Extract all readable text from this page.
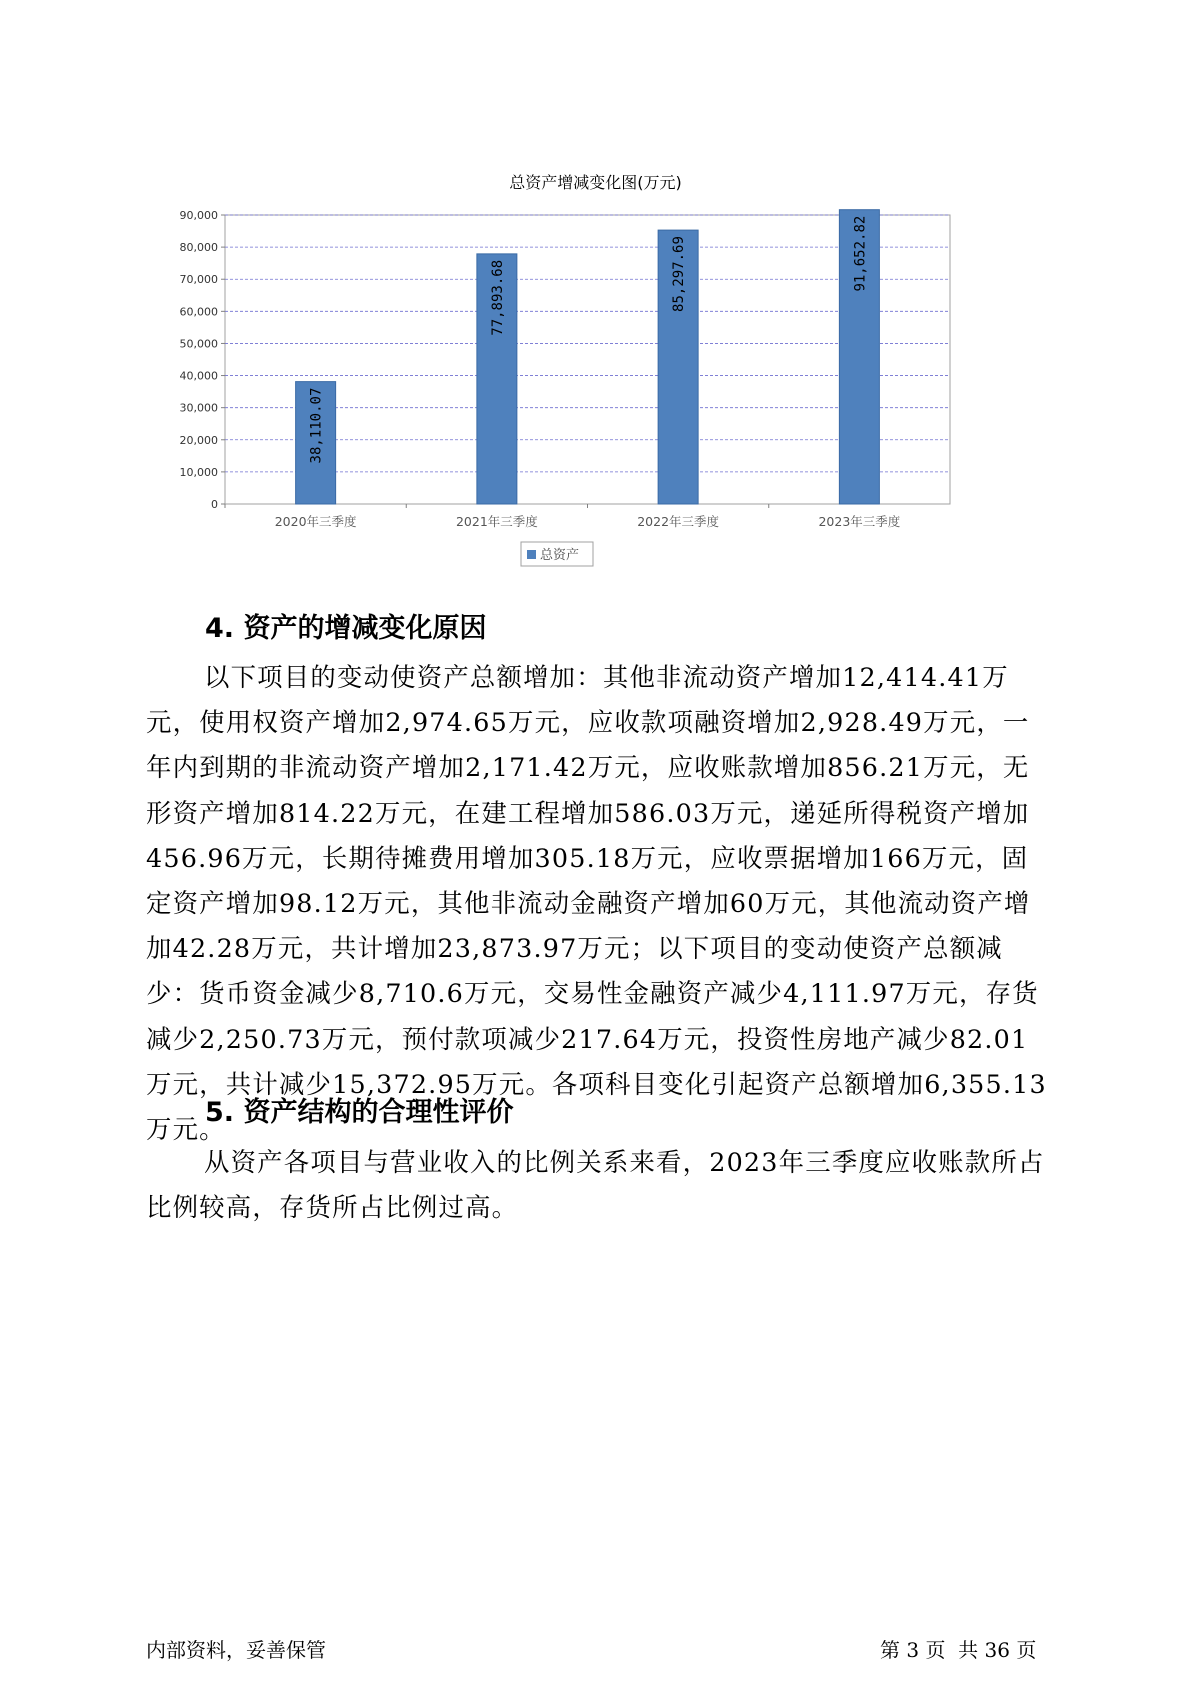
总资产增减变化图(万元)
0
10,000
20,000
30,000
40,000
50,000
60,000
70,000
80,000
90,000
38,110.07
2020年三季度
77,893.68
2021年三季度
85,297.69
2022年三季度
91,652.82
2023年三季度
总资产
4. 资产的增减变化原因
以下项目的变动使资产总额增加：其他非流动资产增加12,414.41万元，使用权资产增加2,974.65万元，应收款项融资增加2,928.49万元，一年内到期的非流动资产增加2,171.42万元，应收账款增加856.21万元，无形资产增加814.22万元，在建工程增加586.03万元，递延所得税资产增加456.96万元，长期待摊费用增加305.18万元，应收票据增加166万元，固定资产增加98.12万元，其他非流动金融资产增加60万元，其他流动资产增加42.28万元，共计增加23,873.97万元；以下项目的变动使资产总额减少：货币资金减少8,710.6万元，交易性金融资产减少4,111.97万元，存货减少2,250.73万元，预付款项减少217.64万元，投资性房地产减少82.01万元，共计减少15,372.95万元。各项科目变化引起资产总额增加6,355.13万元。
5. 资产结构的合理性评价
从资产各项目与营业收入的比例关系来看，2023年三季度应收账款所占比例较高，存货所占比例过高。
内部资料，妥善保管	第 3 页  共 36 页
